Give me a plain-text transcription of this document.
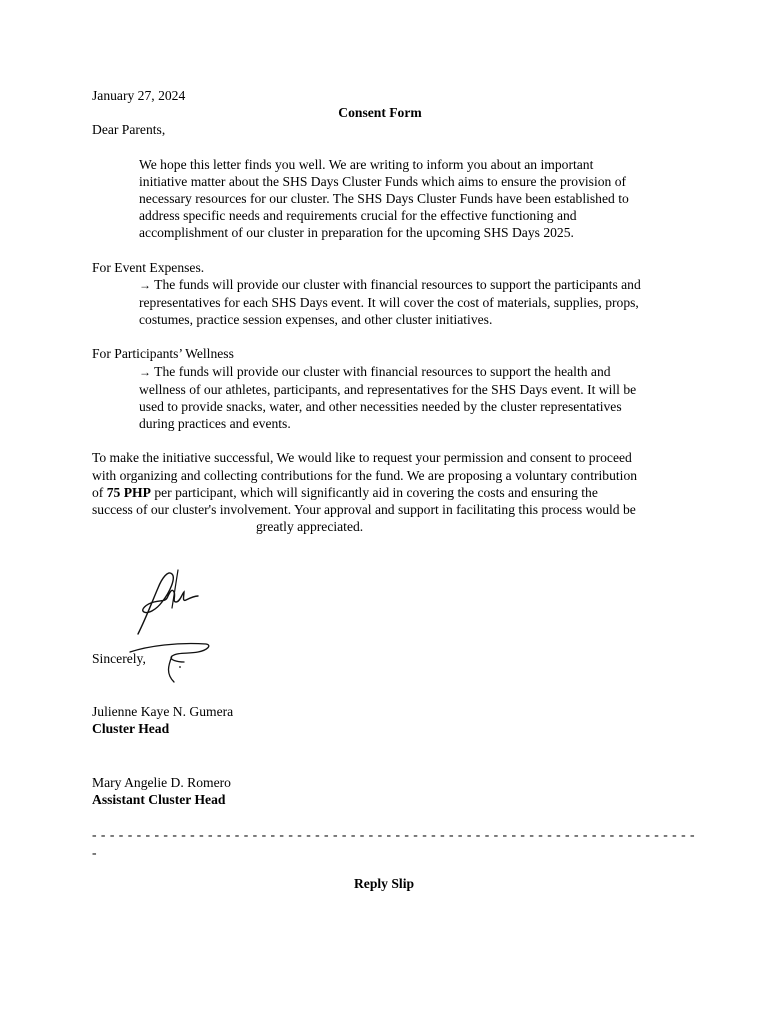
January 27, 2024
Consent Form
Dear Parents,
We hope this letter finds you well. We are writing to inform you about an important
initiative matter about the SHS Days Cluster Funds which aims to ensure the provision of
necessary resources for our cluster. The SHS Days Cluster Funds have been established to
address specific needs and requirements crucial for the effective functioning and
accomplishment of our cluster in preparation for the upcoming SHS Days 2025.
For Event Expenses.
→ The funds will provide our cluster with financial resources to support the participants and
representatives for each SHS Days event. It will cover the cost of materials, supplies, props,
costumes, practice session expenses, and other cluster initiatives.
For Participants’ Wellness
→ The funds will provide our cluster with financial resources to support the health and
wellness of our athletes, participants, and representatives for the SHS Days event. It will be
used to provide snacks, water, and other necessities needed by the cluster representatives
during practices and events.
To make the initiative successful, We would like to request your permission and consent to proceed
with organizing and collecting contributions for the fund. We are proposing a voluntary contribution
of 75 PHP per participant, which will significantly aid in covering the costs and ensuring the
success of our cluster's involvement. Your approval and support in facilitating this process would be
greatly appreciated.
Sincerely,
Julienne Kaye N. Gumera
Cluster Head
Mary Angelie D. Romero
Assistant Cluster Head
- - - - - - - - - - - - - - - - - - - - - - - - - - - - - - - - - - - - - - - - - - - - - - - - - - - - - - - - - - - - - - - - - - - -
-
Reply Slip
